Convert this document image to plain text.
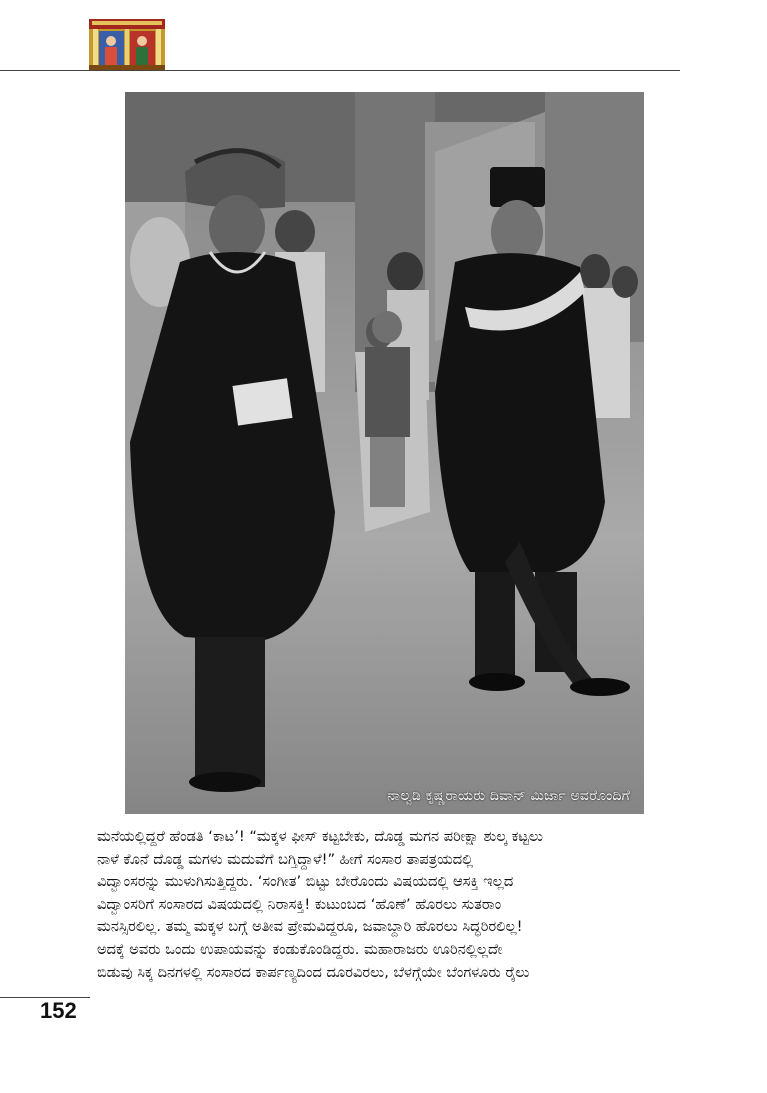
ನಾಲ್ವಡಿ ಕೃಷ್ಣರಾಯರು ದಿವಾನ್ ಮಿರ್ಜಾ ಅವರೊಂದಿಗೆ
ಮನೆಯಲ್ಲಿದ್ದರೆ ಹೆಂಡತಿ ‘ಕಾಟ’! “ಮಕ್ಕಳ ಫೀಸ್ ಕಟ್ಟಬೇಕು, ದೊಡ್ಡ ಮಗನ ಪರೀಕ್ಷಾ ಶುಲ್ಕ ಕಟ್ಟಲು
ನಾಳೆ ಕೊನೆ ದೊಡ್ಡ ಮಗಳು ಮದುವೆಗೆ ಬಗ್ತಿದ್ದಾಳೆ!” ಹೀಗೆ ಸಂಸಾರ ತಾಪತ್ರಯದಲ್ಲಿ
ವಿದ್ವಾಂಸರನ್ನು ಮುಳುಗಿಸುತ್ತಿದ್ದರು. ‘ಸಂಗೀತ’ ಬಿಟ್ಟು ಬೇರೊಂದು ವಿಷಯದಲ್ಲಿ ಆಸಕ್ತಿ ಇಲ್ಲದ
ವಿದ್ವಾಂಸರಿಗೆ ಸಂಸಾರದ ವಿಷಯದಲ್ಲಿ ನಿರಾಸಕ್ತಿ! ಕುಟುಂಬದ ‘ಹೊಣೆ’ ಹೊರಲು ಸುತರಾಂ
ಮನಸ್ಸಿರಲಿಲ್ಲ. ತಮ್ಮ ಮಕ್ಕಳ ಬಗ್ಗೆ ಅತೀವ ಪ್ರೇಮವಿದ್ದರೂ, ಜವಾಬ್ದಾರಿ ಹೊರಲು ಸಿದ್ಧರಿರಲಿಲ್ಲ!
ಅದಕ್ಕೆ ಅವರು ಒಂದು ಉಪಾಯವನ್ನು ಕಂಡುಕೊಂಡಿದ್ದರು. ಮಹಾರಾಜರು ಊರಿನಲ್ಲಿಲ್ಲದೇ
ಬಿಡುವು ಸಿಕ್ಕ ದಿನಗಳಲ್ಲಿ ಸಂಸಾರದ ಕಾರ್ಪಣ್ಯದಿಂದ ದೂರವಿರಲು, ಬೆಳಗ್ಗೆಯೇ ಬೆಂಗಳೂರು ರೈಲು
152
